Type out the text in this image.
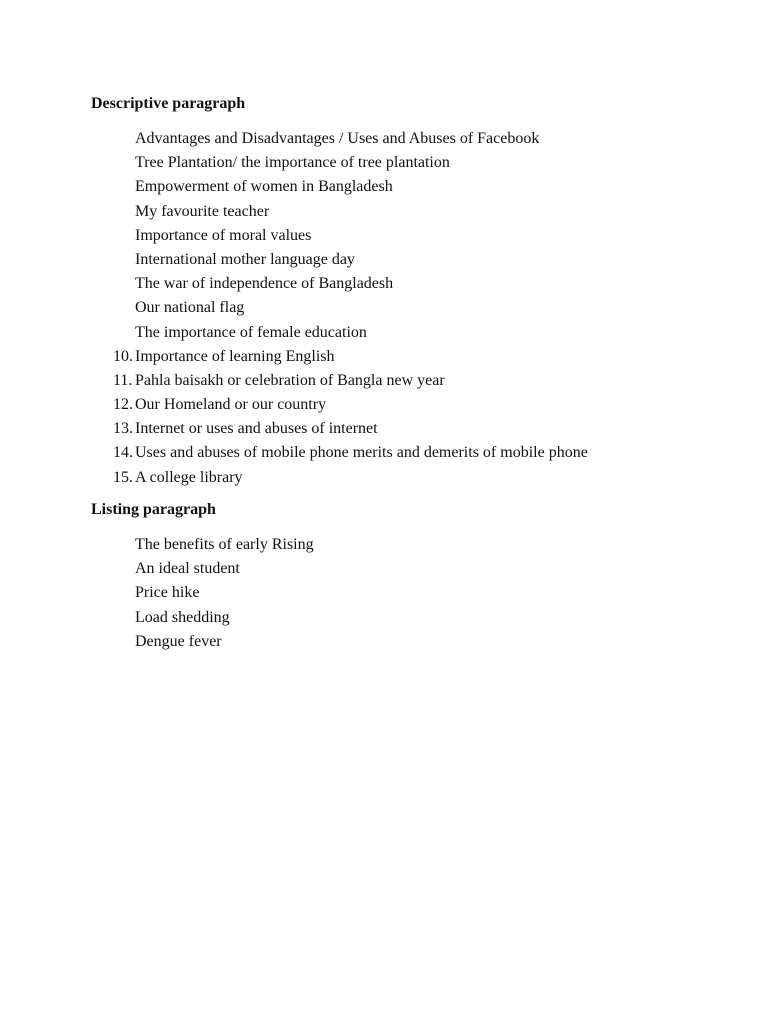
Descriptive paragraph
Advantages and Disadvantages / Uses and Abuses of Facebook
Tree Plantation/ the importance of tree plantation
Empowerment of women in Bangladesh
My favourite teacher
Importance of moral values
International mother language day
The war of independence of Bangladesh
Our national flag
The importance of female education
10. Importance of learning English
11. Pahla baisakh or celebration of Bangla new year
12. Our Homeland or our country
13. Internet or uses and abuses of internet
14. Uses and abuses of mobile phone merits and demerits of mobile phone
15. A college library
Listing paragraph
The benefits of early Rising
An ideal student
Price hike
Load shedding
Dengue fever
